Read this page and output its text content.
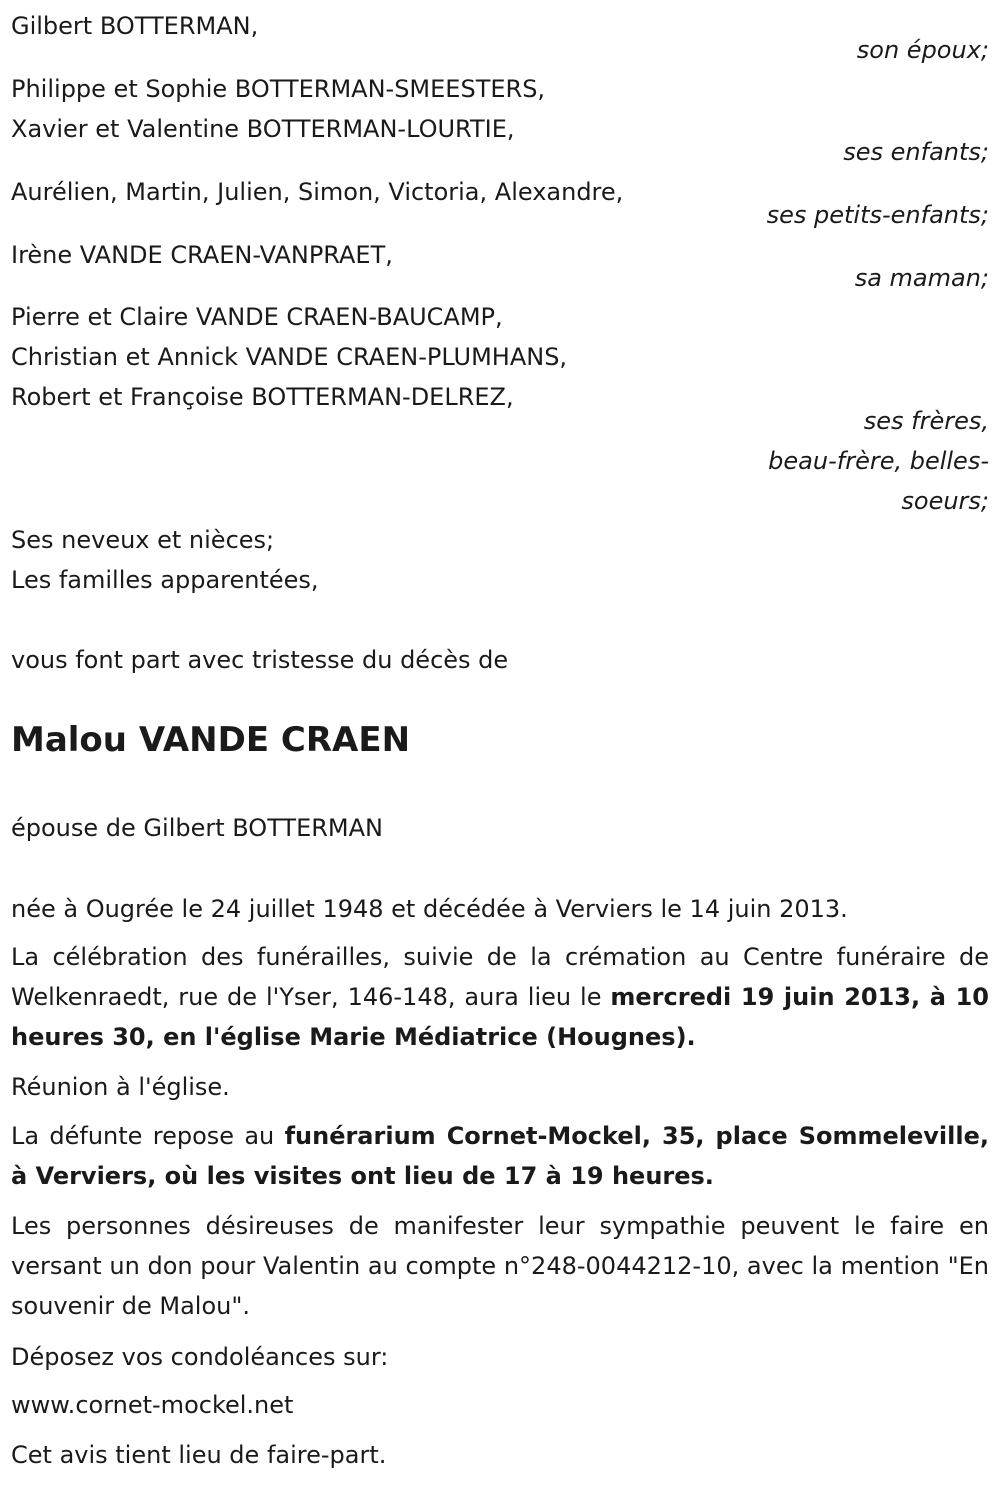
Gilbert BOTTERMAN,
son époux;
Philippe et Sophie BOTTERMAN-SMEESTERS,
Xavier et Valentine BOTTERMAN-LOURTIE,
ses enfants;
Aurélien, Martin, Julien, Simon, Victoria, Alexandre,
ses petits-enfants;
Irène VANDE CRAEN-VANPRAET,
sa maman;
Pierre et Claire VANDE CRAEN-BAUCAMP,
Christian et Annick VANDE CRAEN-PLUMHANS,
Robert et Françoise BOTTERMAN-DELREZ,
ses frères,
beau-frère, belles-
soeurs;
Ses neveux et nièces;
Les familles apparentées,
vous font part avec tristesse du décès de
Malou VANDE CRAEN
épouse de Gilbert BOTTERMAN
née à Ougrée le 24 juillet 1948 et décédée à Verviers le 14 juin 2013.
La célébration des funérailles, suivie de la crémation au Centre funéraire de Welkenraedt, rue de l'Yser, 146-148, aura lieu le mercredi 19 juin 2013, à 10 heures 30, en l'église Marie Médiatrice (Hougnes).
Réunion à l'église.
La défunte repose au funérarium Cornet-Mockel, 35, place Sommeleville, à Verviers, où les visites ont lieu de 17 à 19 heures.
Les personnes désireuses de manifester leur sympathie peuvent le faire en versant un don pour Valentin au compte n°248-0044212-10, avec la mention "En souvenir de Malou".
Déposez vos condoléances sur:
www.cornet-mockel.net
Cet avis tient lieu de faire-part.
